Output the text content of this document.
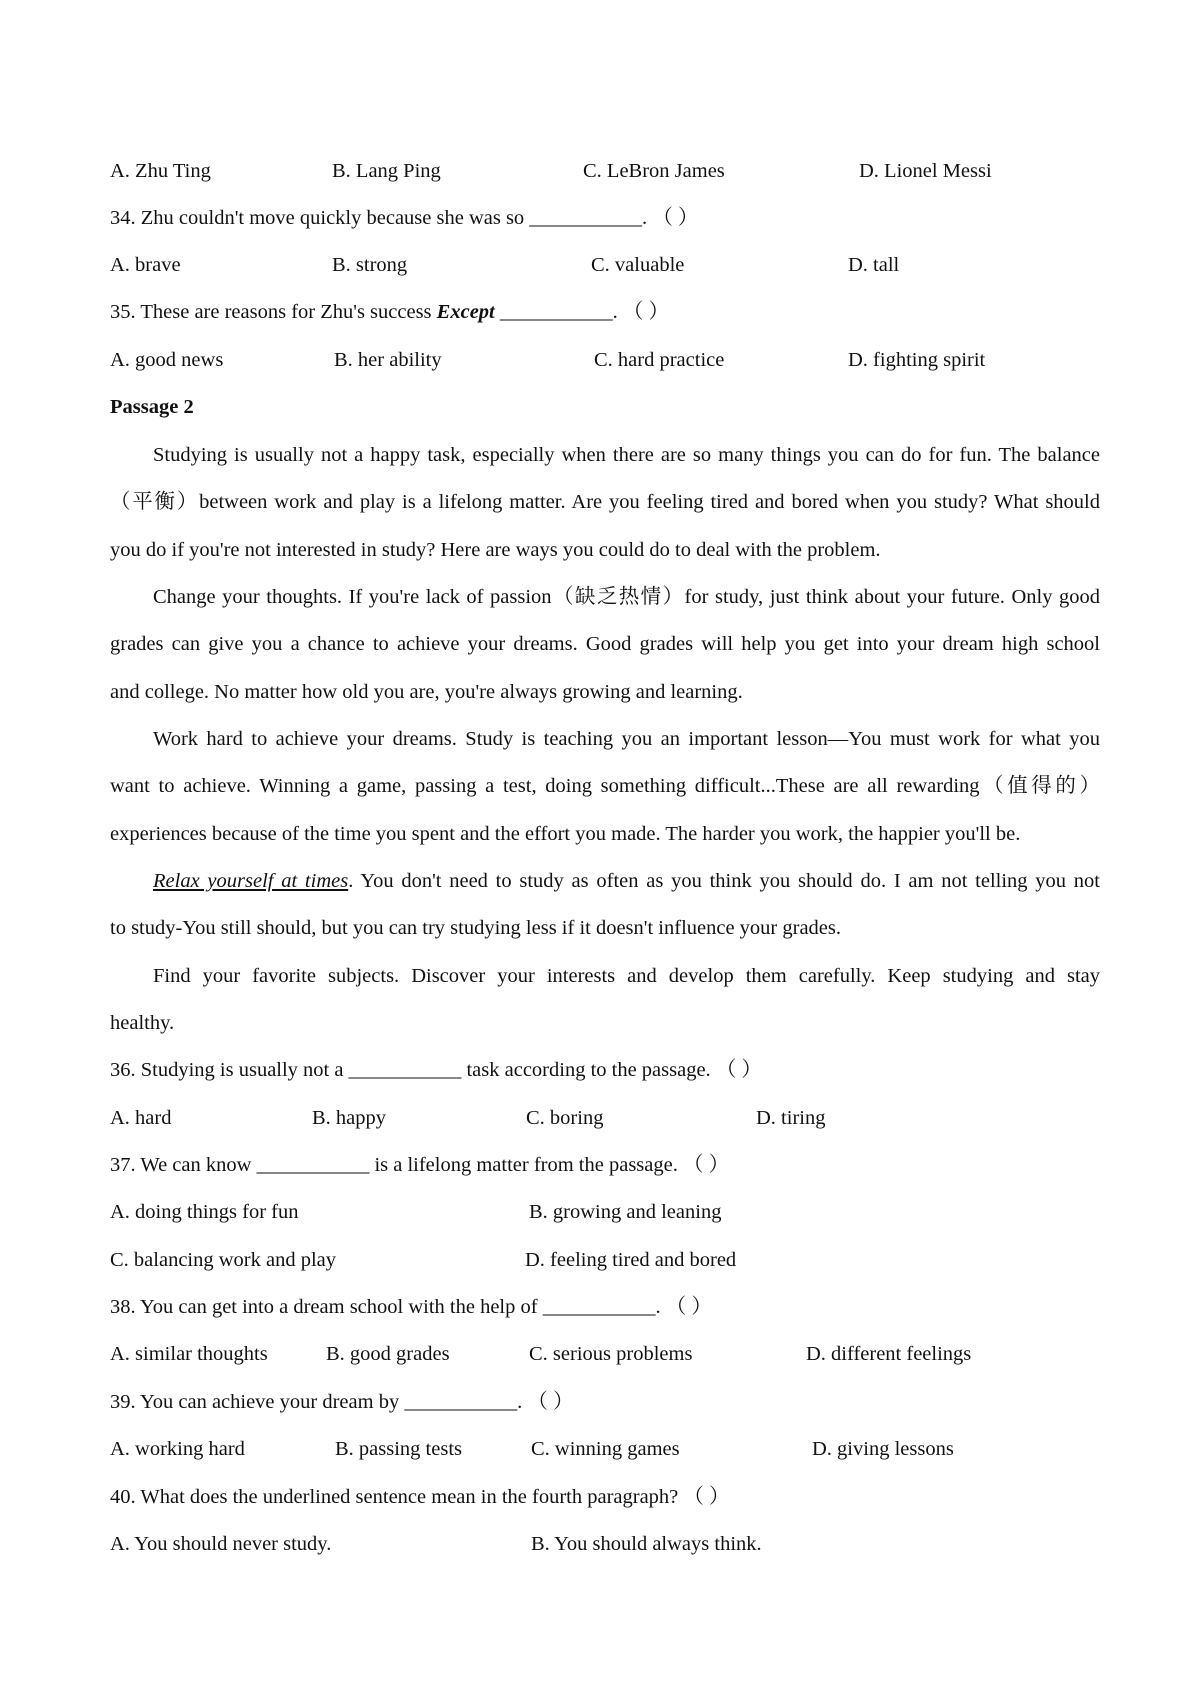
A. Zhu Ting	B. Lang Ping	C. LeBron James	D. Lionel Messi
34. Zhu couldn't move quickly because she was so ___________. （ ）
A. brave	B. strong	C. valuable	D. tall
35. These are reasons for Zhu's success Except ___________. （ ）
A. good news	B. her ability	C. hard practice	D. fighting spirit
Passage 2
Studying is usually not a happy task, especially when there are so many things you can do for fun. The balance
（平衡）between work and play is a lifelong matter. Are you feeling tired and bored when you study? What should
you do if you're not interested in study? Here are ways you could do to deal with the problem.
Change your thoughts. If you're lack of passion（缺乏热情）for study, just think about your future. Only good
grades can give you a chance to achieve your dreams. Good grades will help you get into your dream high school
and college. No matter how old you are, you're always growing and learning.
Work hard to achieve your dreams. Study is teaching you an important lesson—You must work for what you
want to achieve. Winning a game, passing a test, doing something difficult...These are all rewarding（值得的）
experiences because of the time you spent and the effort you made. The harder you work, the happier you'll be.
Relax yourself at times. You don't need to study as often as you think you should do. I am not telling you not
to study-You still should, but you can try studying less if it doesn't influence your grades.
Find your favorite subjects. Discover your interests and develop them carefully. Keep studying and stay
healthy.
36. Studying is usually not a ___________ task according to the passage. （ ）
A. hard	B. happy	C. boring	D. tiring
37. We can know ___________ is a lifelong matter from the passage. （ ）
A. doing things for fun	B. growing and leaning
C. balancing work and play	D. feeling tired and bored
38. You can get into a dream school with the help of ___________. （ ）
A. similar thoughts	B. good grades	C. serious problems	D. different feelings
39. You can achieve your dream by ___________. （ ）
A. working hard	B. passing tests	C. winning games	D. giving lessons
40. What does the underlined sentence mean in the fourth paragraph? （ ）
A. You should never study.	B. You should always think.
